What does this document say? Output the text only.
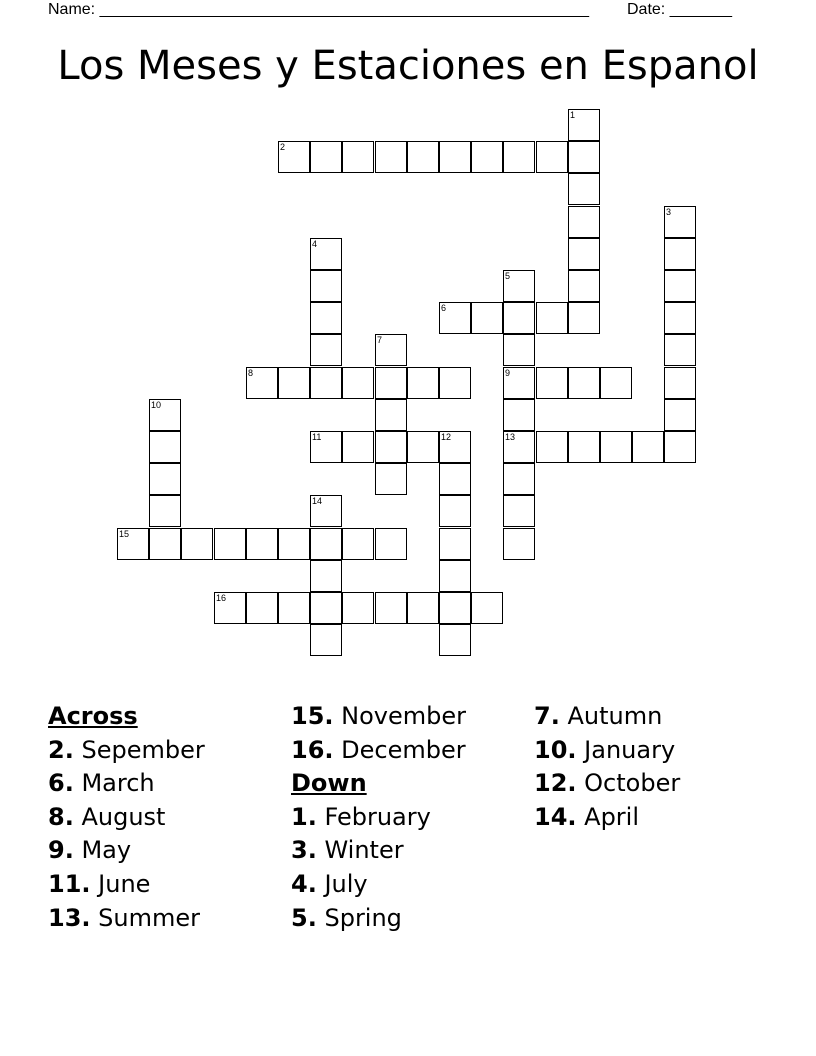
Name: _______________________________________________________ Date: _______
Los Meses y Estaciones en Espanol
1
2
3
4
5
9
13
6
7
8
10
11	12
14
15
16
Across
2. Sepember
6. March
8. August
9. May
11. June
13. Summer
15. November
16. December
Down
1. February
3. Winter
4. July
5. Spring
7. Autumn
10. January
12. October
14. April
